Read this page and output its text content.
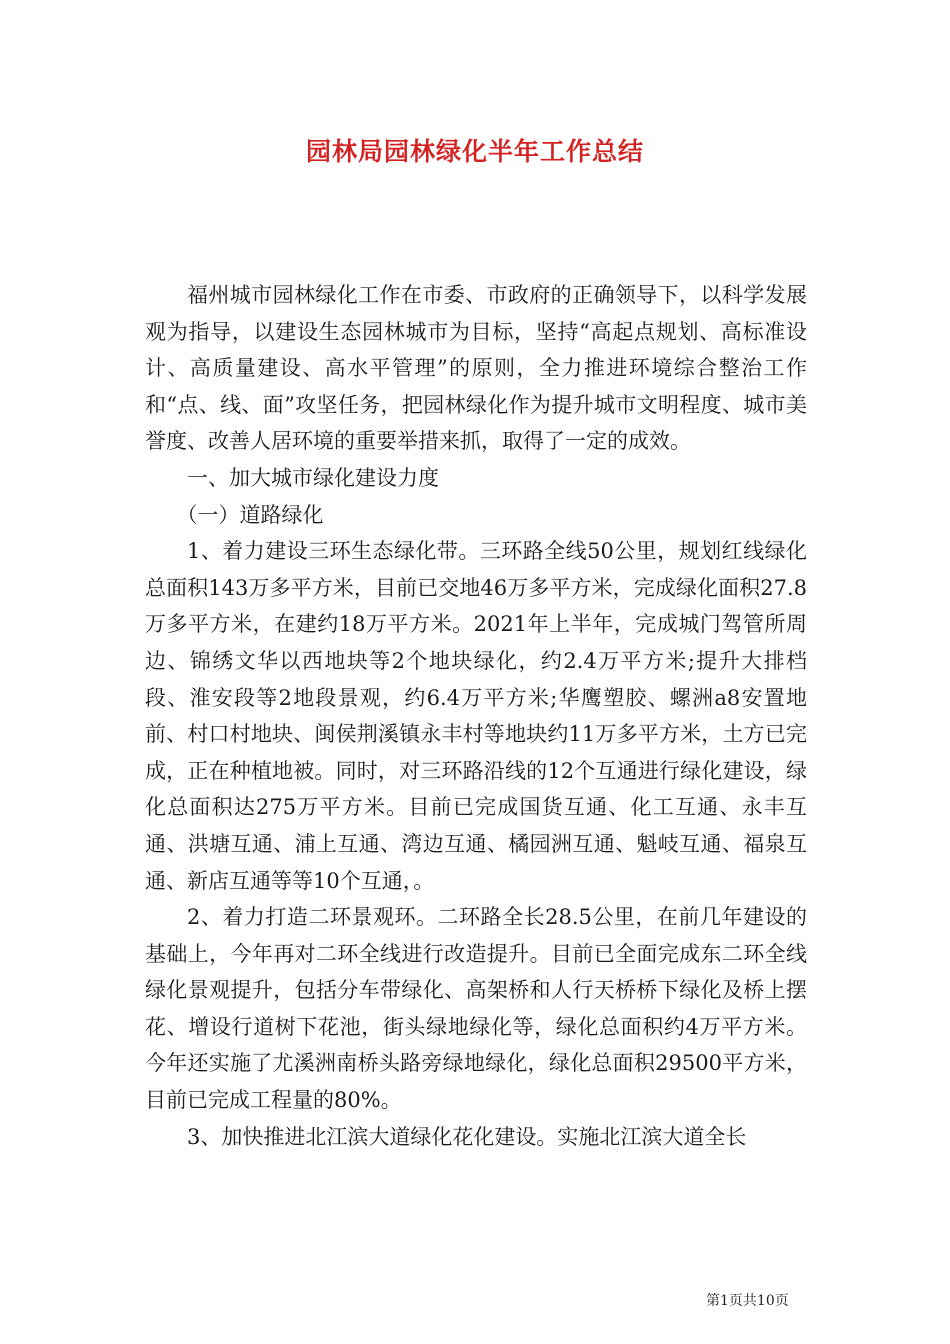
园林局园林绿化半年工作总结

福州城市园林绿化工作在市委、市政府的正确领导下，以科学发展观为指导，以建设生态园林城市为目标，坚持“高起点规划、高标准设计、高质量建设、高水平管理”的原则，全力推进环境综合整治工作和“点、线、面”攻坚任务，把园林绿化作为提升城市文明程度、城市美誉度、改善人居环境的重要举措来抓，取得了一定的成效。

一、加大城市绿化建设力度

（一）道路绿化

1、着力建设三环生态绿化带。三环路全线50公里，规划红线绿化总面积143万多平方米，目前已交地46万多平方米，完成绿化面积27.8万多平方米，在建约18万平方米。2021年上半年，完成城门驾管所周边、锦绣文华以西地块等2个地块绿化，约2.4万平方米;提升大排档段、淮安段等2地段景观，约6.4万平方米;华鹰塑胶、螺洲a8安置地前、村口村地块、闽侯荆溪镇永丰村等地块约11万多平方米，土方已完成，正在种植地被。同时，对三环路沿线的12个互通进行绿化建设，绿化总面积达275万平方米。目前已完成国货互通、化工互通、永丰互通、洪塘互通、浦上互通、湾边互通、橘园洲互通、魁岐互通、福泉互通、新店互通等等10个互通，。

2、着力打造二环景观环。二环路全长28.5公里，在前几年建设的基础上，今年再对二环全线进行改造提升。目前已全面完成东二环全线绿化景观提升，包括分车带绿化、高架桥和人行天桥桥下绿化及桥上摆花、增设行道树下花池，街头绿地绿化等，绿化总面积约4万平方米。今年还实施了尤溪洲南桥头路旁绿地绿化，绿化总面积29500平方米，目前已完成工程量的80%。

3、加快推进北江滨大道绿化花化建设。实施北江滨大道全长

第1页共10页
